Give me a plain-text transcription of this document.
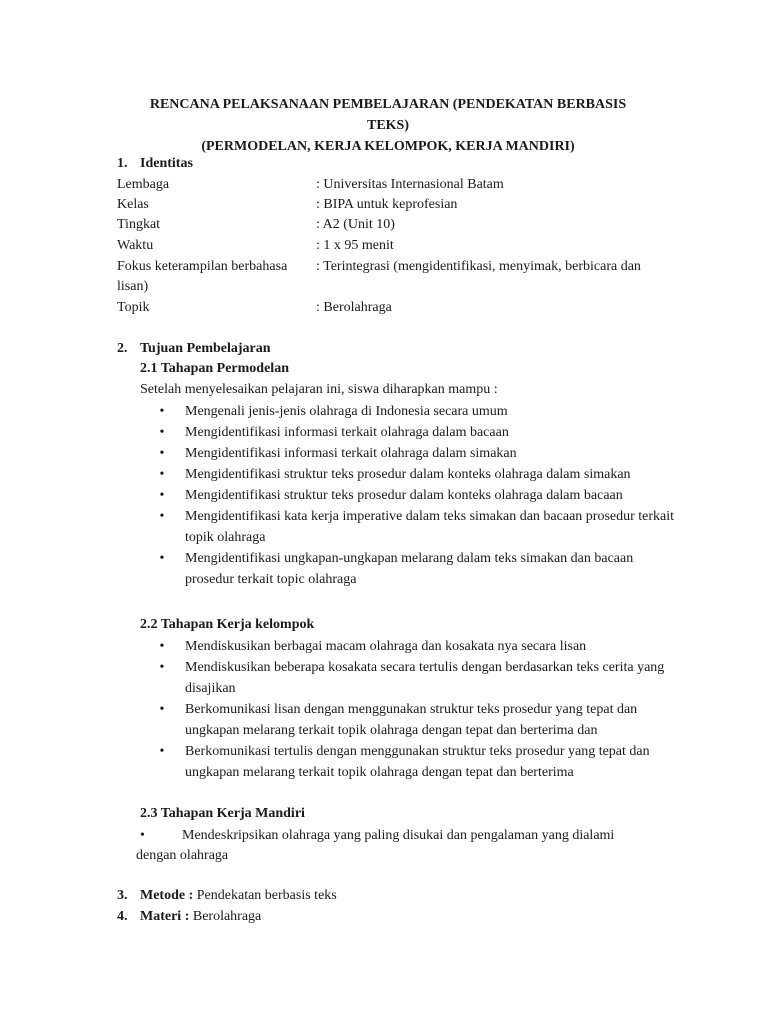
RENCANA PELAKSANAAN PEMBELAJARAN (PENDEKATAN BERBASIS
TEKS)
(PERMODELAN, KERJA KELOMPOK, KERJA MANDIRI)
1. Identitas
Lembaga	: Universitas Internasional Batam
Kelas	: BIPA untuk keprofesian
Tingkat	: A2 (Unit 10)
Waktu	: 1 x 95 menit
Fokus keterampilan berbahasa : Terintegrasi (mengidentifikasi, menyimak, berbicara dan
lisan)
Topik	: Berolahraga
2. Tujuan Pembelajaran
2.1 Tahapan Permodelan
Setelah menyelesaikan pelajaran ini, siswa diharapkan mampu :
• Mengenali jenis-jenis olahraga di Indonesia secara umum
• Mengidentifikasi informasi terkait olahraga dalam bacaan
• Mengidentifikasi informasi terkait olahraga dalam simakan
• Mengidentifikasi struktur teks prosedur dalam konteks olahraga dalam simakan
• Mengidentifikasi struktur teks prosedur dalam konteks olahraga dalam bacaan
• Mengidentifikasi kata kerja imperative dalam teks simakan dan bacaan prosedur terkait topik olahraga
• Mengidentifikasi ungkapan-ungkapan melarang dalam teks simakan dan bacaan prosedur terkait topic olahraga
2.2 Tahapan Kerja kelompok
• Mendiskusikan berbagai macam olahraga dan kosakata nya secara lisan
• Mendiskusikan beberapa kosakata secara tertulis dengan berdasarkan teks cerita yang disajikan
• Berkomunikasi lisan dengan menggunakan struktur teks prosedur yang tepat dan ungkapan melarang terkait topik olahraga dengan tepat dan berterima dan
• Berkomunikasi tertulis dengan menggunakan struktur teks prosedur yang tepat dan ungkapan melarang terkait topik olahraga dengan tepat dan berterima
2.3 Tahapan Kerja Mandiri
•	Mendeskripsikan olahraga yang paling disukai dan pengalaman yang dialami
dengan olahraga
3. Metode : Pendekatan berbasis teks
4. Materi : Berolahraga
